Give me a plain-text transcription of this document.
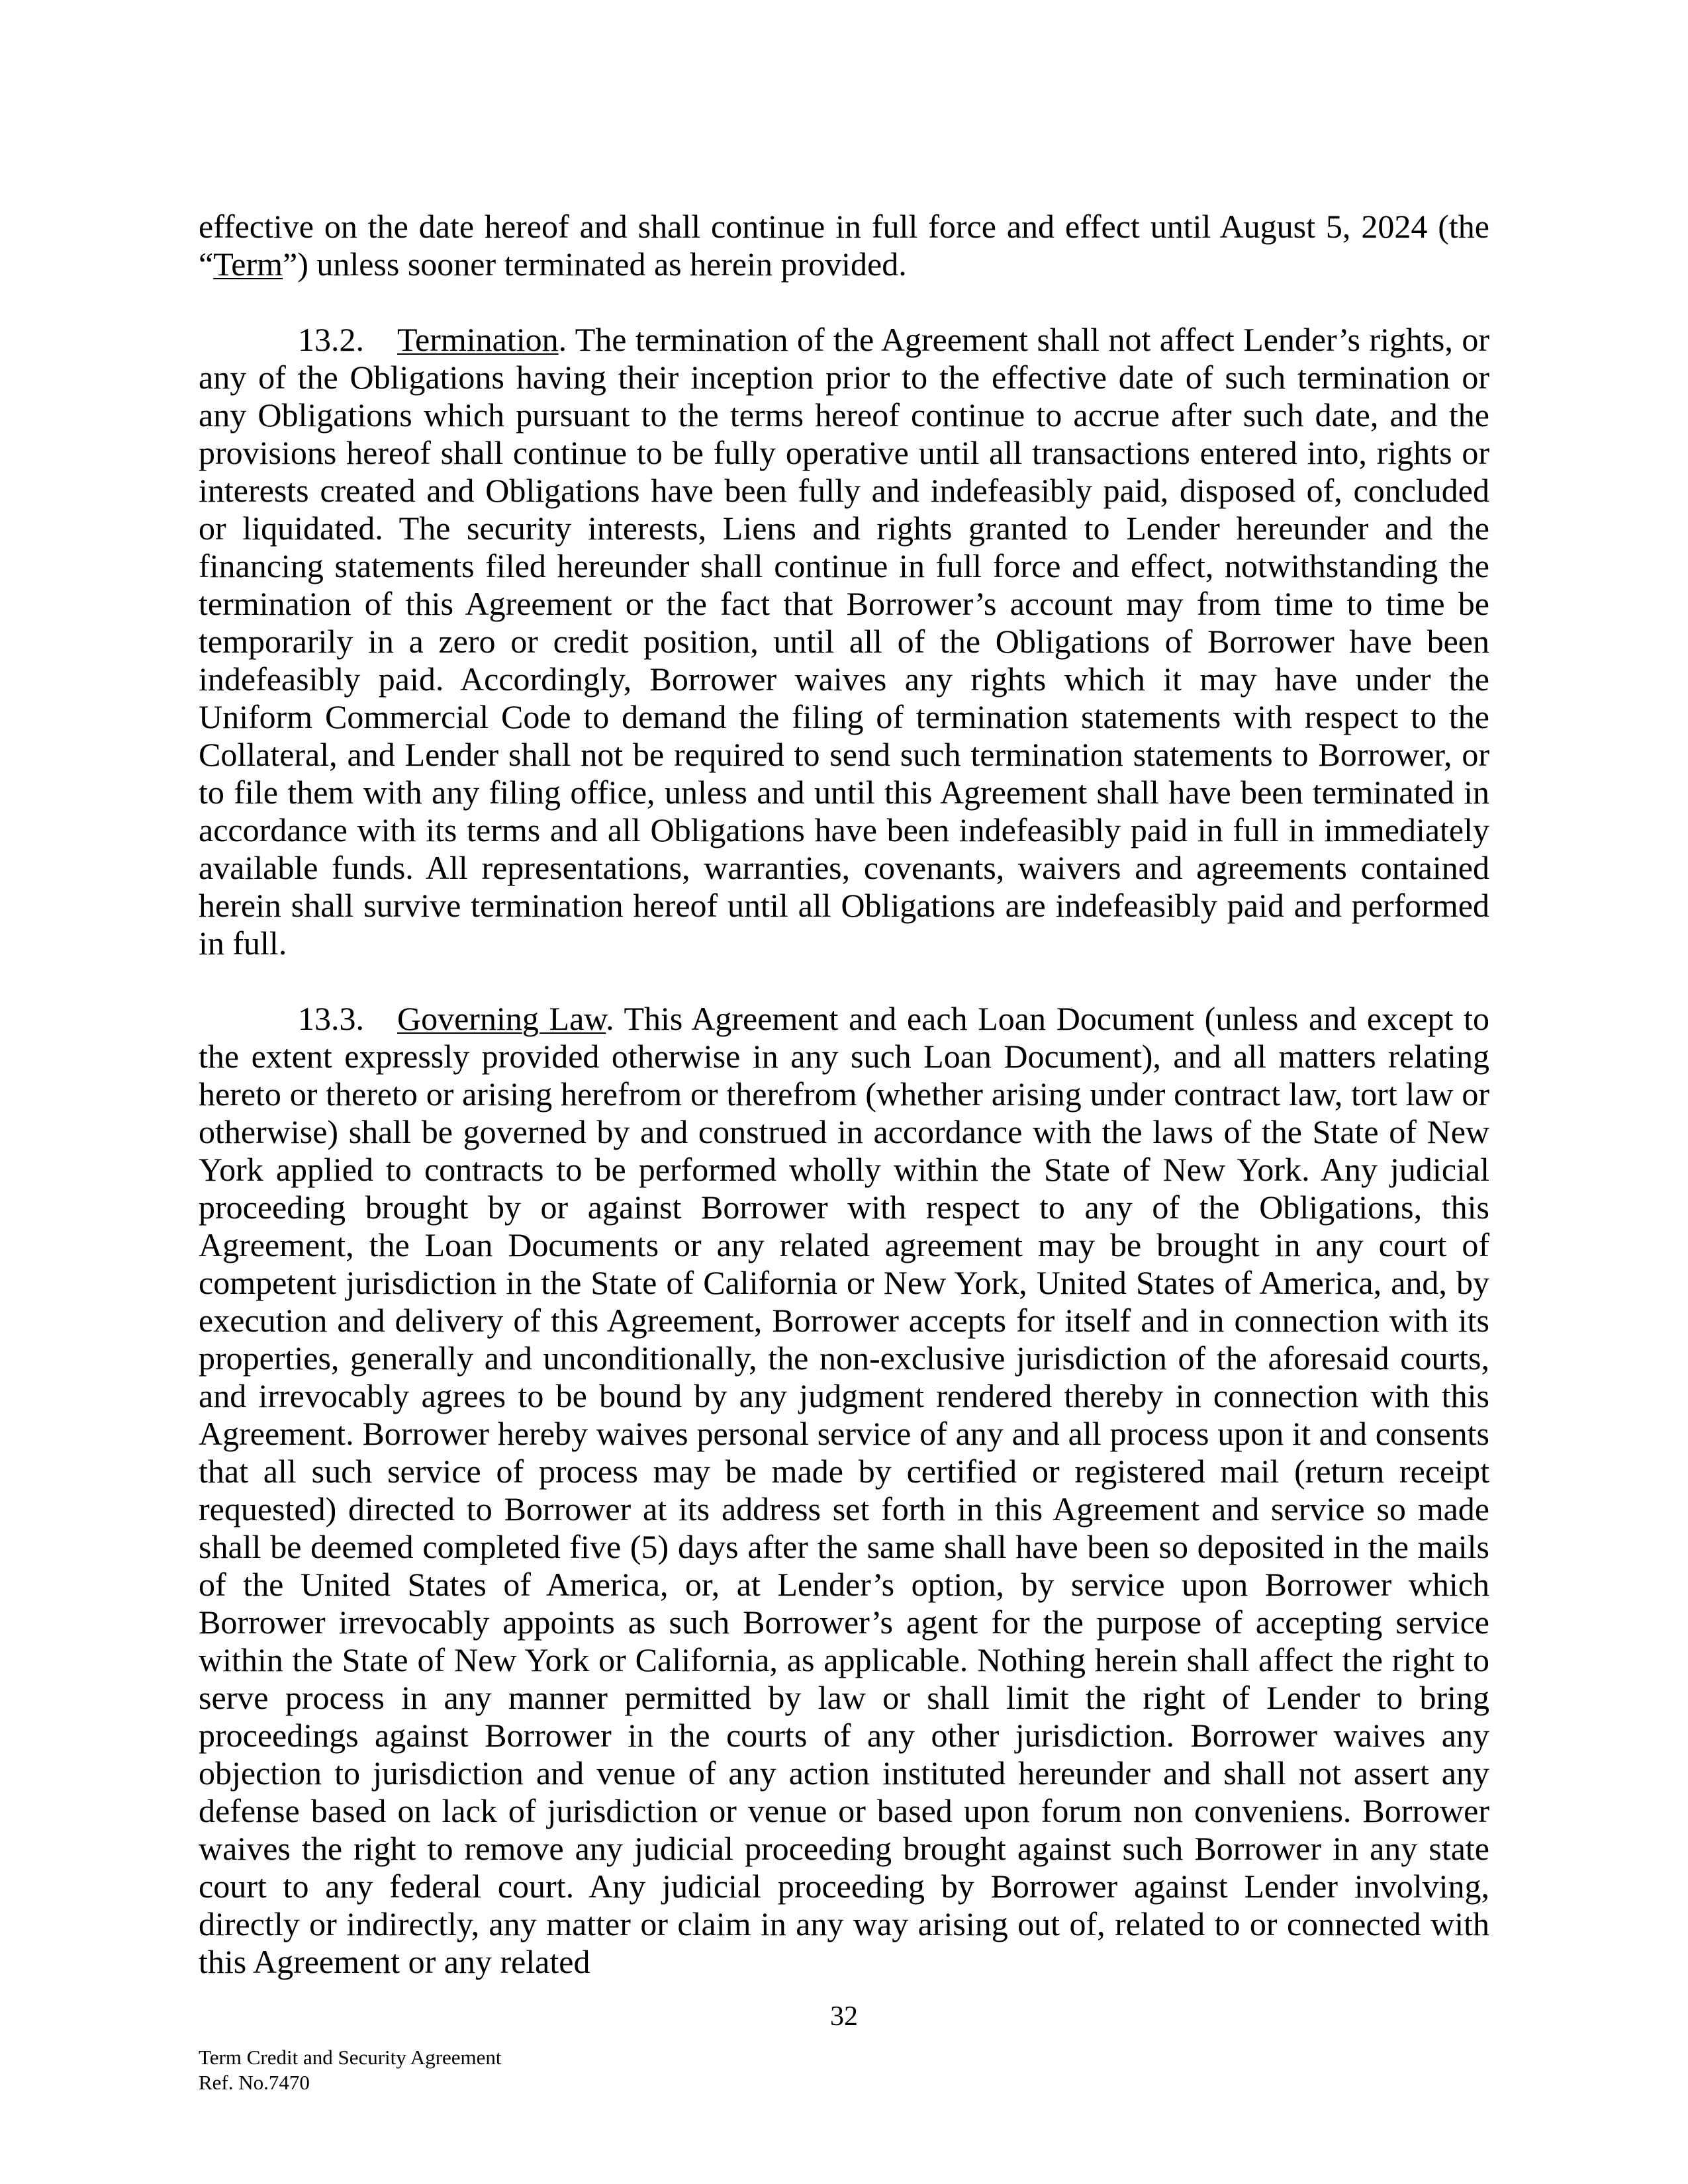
effective on the date hereof and shall continue in full force and effect until August 5, 2024 (the “Term”) unless sooner terminated as herein provided.

13.2. Termination. The termination of the Agreement shall not affect Lender’s rights, or any of the Obligations having their inception prior to the effective date of such termination or any Obligations which pursuant to the terms hereof continue to accrue after such date, and the provisions hereof shall continue to be fully operative until all transactions entered into, rights or interests created and Obligations have been fully and indefeasibly paid, disposed of, concluded or liquidated. The security interests, Liens and rights granted to Lender hereunder and the financing statements filed hereunder shall continue in full force and effect, notwithstanding the termination of this Agreement or the fact that Borrower’s account may from time to time be temporarily in a zero or credit position, until all of the Obligations of Borrower have been indefeasibly paid. Accordingly, Borrower waives any rights which it may have under the Uniform Commercial Code to demand the filing of termination statements with respect to the Collateral, and Lender shall not be required to send such termination statements to Borrower, or to file them with any filing office, unless and until this Agreement shall have been terminated in accordance with its terms and all Obligations have been indefeasibly paid in full in immediately available funds. All representations, warranties, covenants, waivers and agreements contained herein shall survive termination hereof until all Obligations are indefeasibly paid and performed in full.

13.3. Governing Law. This Agreement and each Loan Document (unless and except to the extent expressly provided otherwise in any such Loan Document), and all matters relating hereto or thereto or arising herefrom or therefrom (whether arising under contract law, tort law or otherwise) shall be governed by and construed in accordance with the laws of the State of New York applied to contracts to be performed wholly within the State of New York. Any judicial proceeding brought by or against Borrower with respect to any of the Obligations, this Agreement, the Loan Documents or any related agreement may be brought in any court of competent jurisdiction in the State of California or New York, United States of America, and, by execution and delivery of this Agreement, Borrower accepts for itself and in connection with its properties, generally and unconditionally, the non-exclusive jurisdiction of the aforesaid courts, and irrevocably agrees to be bound by any judgment rendered thereby in connection with this Agreement. Borrower hereby waives personal service of any and all process upon it and consents that all such service of process may be made by certified or registered mail (return receipt requested) directed to Borrower at its address set forth in this Agreement and service so made shall be deemed completed five (5) days after the same shall have been so deposited in the mails of the United States of America, or, at Lender’s option, by service upon Borrower which Borrower irrevocably appoints as such Borrower’s agent for the purpose of accepting service within the State of New York or California, as applicable. Nothing herein shall affect the right to serve process in any manner permitted by law or shall limit the right of Lender to bring proceedings against Borrower in the courts of any other jurisdiction. Borrower waives any objection to jurisdiction and venue of any action instituted hereunder and shall not assert any defense based on lack of jurisdiction or venue or based upon forum non conveniens. Borrower waives the right to remove any judicial proceeding brought against such Borrower in any state court to any federal court. Any judicial proceeding by Borrower against Lender involving, directly or indirectly, any matter or claim in any way arising out of, related to or connected with this Agreement or any related

32
Term Credit and Security Agreement
Ref. No.7470
